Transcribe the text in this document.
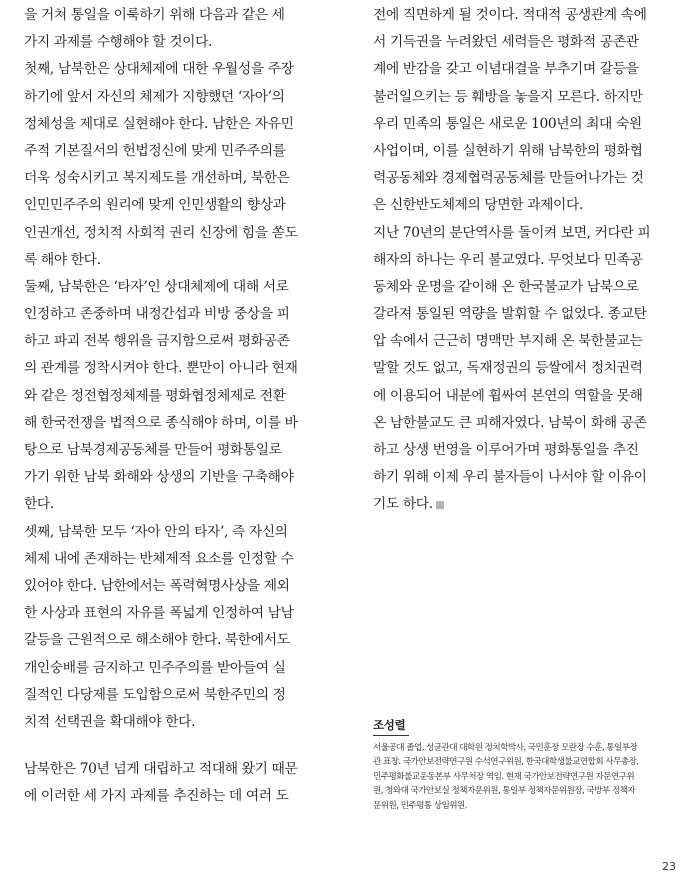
을 거쳐 통일을 이룩하기 위해 다음과 같은 세
가지 과제를 수행해야 할 것이다.
첫째, 남북한은 상대체제에 대한 우월성을 주장
하기에 앞서 자신의 체제가 지향했던 ‘자아’의
정체성을 제대로 실현해야 한다. 남한은 자유민
주적 기본질서의 헌법정신에 맞게 민주주의를
더욱 성숙시키고 복지제도를 개선하며, 북한은
인민민주주의 원리에 맞게 인민생활의 향상과
인권개선, 정치적 사회적 권리 신장에 힘을 쏟도
록 해야 한다.
둘째, 남북한은 ‘타자’인 상대체제에 대해 서로
인정하고 존중하며 내정간섭과 비방 중상을 피
하고 파괴 전복 행위을 금지함으로써 평화공존
의 관계를 정착시켜야 한다. 뿐만이 아니라 현재
와 같은 정전협정체제를 평화협정체제로 전환
해 한국전쟁을 법적으로 종식해야 하며, 이를 바
탕으로 남북경제공동체를 만들어 평화통일로
가기 위한 남북 화해와 상생의 기반을 구축해야
한다.
셋째, 남북한 모두 ‘자아 안의 타자’, 즉 자신의
체제 내에 존재하는 반체제적 요소를 인정할 수
있어야 한다. 남한에서는 폭력혁명사상을 제외
한 사상과 표현의 자유를 폭넓게 인정하여 남남
갈등을 근원적으로 해소해야 한다. 북한에서도
개인숭배를 금지하고 민주주의를 받아들여 실
질적인 다당제를 도입함으로써 북한주민의 정
치적 선택권을 확대해야 한다.
남북한은 70년 넘게 대립하고 적대해 왔기 때문
에 이러한 세 가지 과제를 추진하는 데 여러 도
전에 직면하게 될 것이다. 적대적 공생관계 속에
서 기득권을 누려왔던 세력들은 평화적 공존관
계에 반감을 갖고 이념대결을 부추기며 갈등을
불러일으키는 등 훼방을 놓을지 모른다. 하지만
우리 민족의 통일은 새로운 100년의 최대 숙원
사업이며, 이를 실현하기 위해 남북한의 평화협
력공동체와 경제협력공동체를 만들어나가는 것
은 신한반도체제의 당면한 과제이다.
지난 70년의 분단역사를 돌이켜 보면, 커다란 피
해자의 하나는 우리 불교였다. 무엇보다 민족공
동체와 운명을 같이해 온 한국불교가 남북으로
갈라져 통일된 역량을 발휘할 수 없었다. 종교탄
압 속에서 근근히 명맥만 부지해 온 북한불교는
말할 것도 없고, 독재정권의 등쌀에서 정치권력
에 이용되어 내분에 휩싸여 본연의 역할을 못해
온 남한불교도 큰 피해자였다. 남북이 화해 공존
하고 상생 번영을 이루어가며 평화통일을 추진
하기 위해 이제 우리 불자들이 나서야 할 이유이
기도 하다.
조성렬
서울공대 졸업, 성균관대 대학원 정치학박사, 국민훈장 모란장 수훈, 통일부장
관 표창. 국가안보전략연구원 수석연구위원, 한국대학생불교연합회 사무총장,
민주평화불교운동본부 사무처장 역임. 현재 국가안보전략연구원 자문연구위
원, 청와대 국가안보실 정책자문위원, 통일부 정책자문위원장, 국방부 정책자
문위원, 민주평통 상임위원.
23
